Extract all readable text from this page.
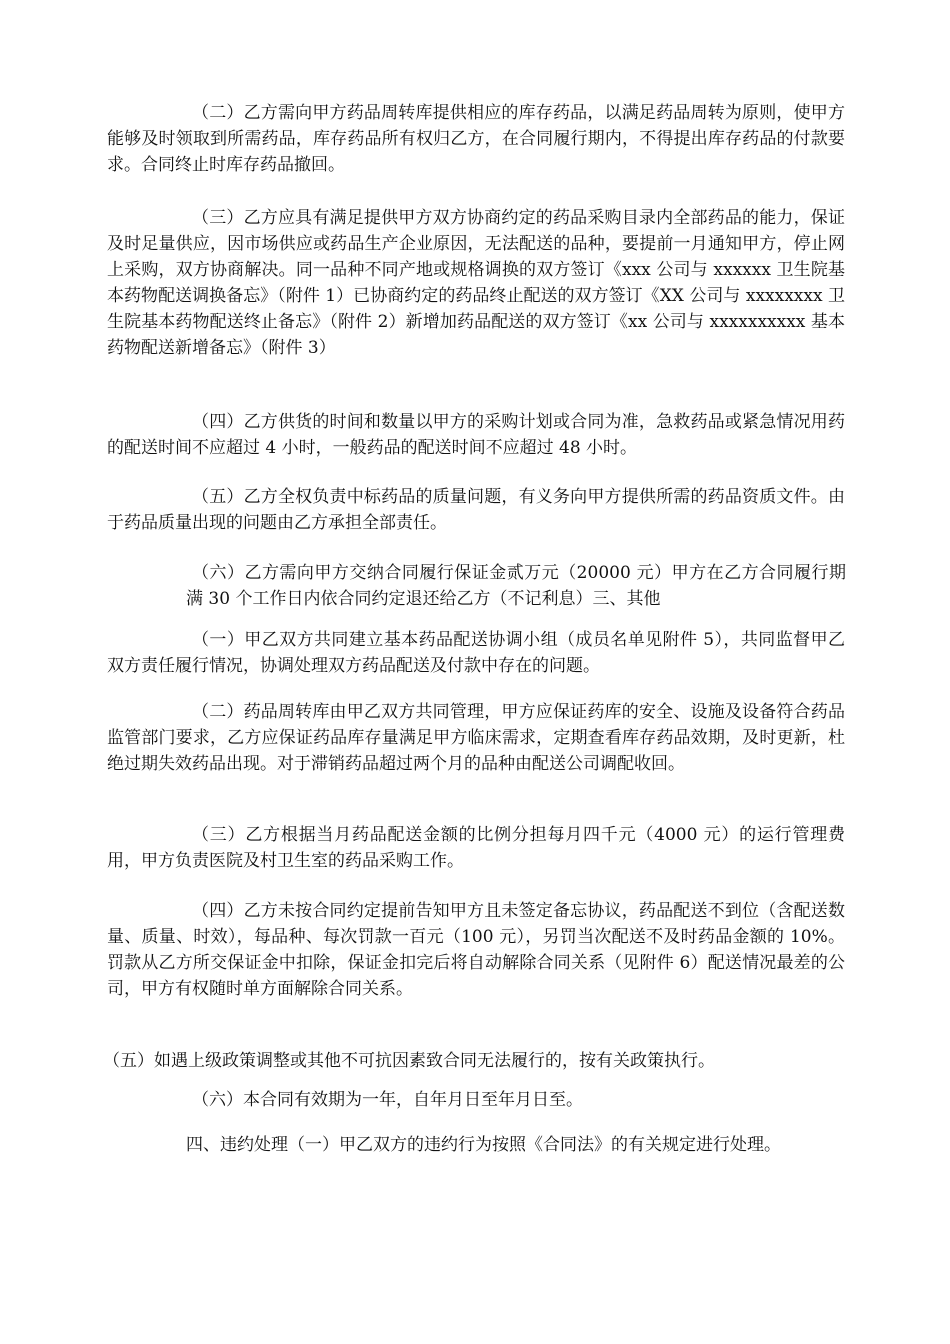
（二）乙方需向甲方药品周转库提供相应的库存药品，以满足药品周转为原则，使甲方能够及时领取到所需药品，库存药品所有权归乙方，在合同履行期内，不得提出库存药品的付款要求。合同终止时库存药品撤回。

（三）乙方应具有满足提供甲方双方协商约定的药品采购目录内全部药品的能力，保证及时足量供应，因市场供应或药品生产企业原因，无法配送的品种，要提前一月通知甲方，停止网上采购，双方协商解决。同一品种不同产地或规格调换的双方签订《xxx 公司与 xxxxxx 卫生院基本药物配送调换备忘》（附件 1）已协商约定的药品终止配送的双方签订《XX 公司与 xxxxxxxx 卫生院基本药物配送终止备忘》（附件 2）新增加药品配送的双方签订《xx 公司与 xxxxxxxxxx 基本药物配送新增备忘》（附件 3）

（四）乙方供货的时间和数量以甲方的采购计划或合同为准，急救药品或紧急情况用药的配送时间不应超过 4 小时，一般药品的配送时间不应超过 48 小时。

（五）乙方全权负责中标药品的质量问题，有义务向甲方提供所需的药品资质文件。由于药品质量出现的问题由乙方承担全部责任。

（六）乙方需向甲方交纳合同履行保证金贰万元（20000 元）甲方在乙方合同履行期满 30 个工作日内依合同约定退还给乙方（不记利息）三、其他

（一）甲乙双方共同建立基本药品配送协调小组（成员名单见附件 5），共同监督甲乙双方责任履行情况，协调处理双方药品配送及付款中存在的问题。

（二）药品周转库由甲乙双方共同管理，甲方应保证药库的安全、设施及设备符合药品监管部门要求，乙方应保证药品库存量满足甲方临床需求，定期查看库存药品效期，及时更新，杜绝过期失效药品出现。对于滞销药品超过两个月的品种由配送公司调配收回。

（三）乙方根据当月药品配送金额的比例分担每月四千元（4000 元）的运行管理费用，甲方负责医院及村卫生室的药品采购工作。

（四）乙方未按合同约定提前告知甲方且未签定备忘协议，药品配送不到位（含配送数量、质量、时效），每品种、每次罚款一百元（100 元），另罚当次配送不及时药品金额的 10%。罚款从乙方所交保证金中扣除，保证金扣完后将自动解除合同关系（见附件 6）配送情况最差的公司，甲方有权随时单方面解除合同关系。

（五）如遇上级政策调整或其他不可抗因素致合同无法履行的，按有关政策执行。

（六）本合同有效期为一年，自年月日至年月日至。

四、违约处理（一）甲乙双方的违约行为按照《合同法》的有关规定进行处理。
